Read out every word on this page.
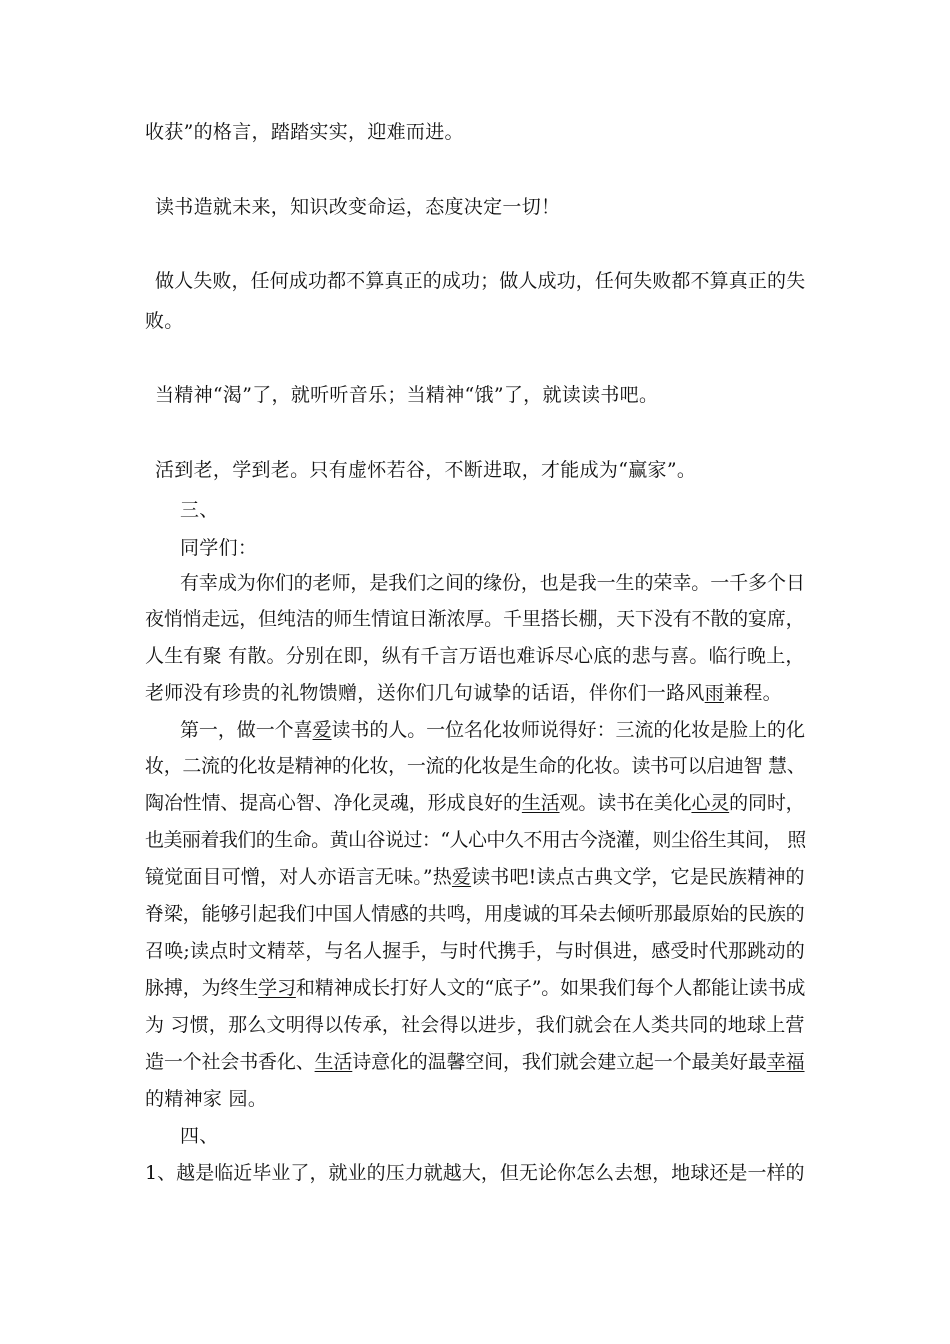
收获”的格言，踏踏实实，迎难而进。
读书造就未来，知识改变命运，态度决定一切！
做人失败，任何成功都不算真正的成功；做人成功，任何失败都不算真正的失
败。
当精神“渴”了，就听听音乐；当精神“饿”了，就读读书吧。
活到老，学到老。只有虚怀若谷，不断进取，才能成为“赢家”。
三、
同学们：
有幸成为你们的老师，是我们之间的缘份，也是我一生的荣幸。一千多个日
夜悄悄走远，但纯洁的师生情谊日渐浓厚。千里搭长棚，天下没有不散的宴席，
人生有聚 有散。分别在即，纵有千言万语也难诉尽心底的悲与喜。临行晚上，
老师没有珍贵的礼物馈赠，送你们几句诚挚的话语，伴你们一路风雨兼程。
第一，做一个喜爱读书的人。一位名化妆师说得好：三流的化妆是脸上的化
妆，二流的化妆是精神的化妆，一流的化妆是生命的化妆。读书可以启迪智 慧、
陶冶性情、提高心智、净化灵魂，形成良好的生活观。读书在美化心灵的同时，
也美丽着我们的生命。黄山谷说过：“人心中久不用古今浇灌，则尘俗生其间， 照
镜觉面目可憎，对人亦语言无味。”热爱读书吧!读点古典文学，它是民族精神的
脊梁，能够引起我们中国人情感的共鸣，用虔诚的耳朵去倾听那最原始的民族的
召唤;读点时文精萃，与名人握手，与时代携手，与时俱进，感受时代那跳动的
脉搏，为终生学习和精神成长打好人文的“底子”。如果我们每个人都能让读书成
为 习惯，那么文明得以传承，社会得以进步，我们就会在人类共同的地球上营
造一个社会书香化、生活诗意化的温馨空间，我们就会建立起一个最美好最幸福
的精神家 园。
四、
1、越是临近毕业了，就业的压力就越大，但无论你怎么去想，地球还是一样的
